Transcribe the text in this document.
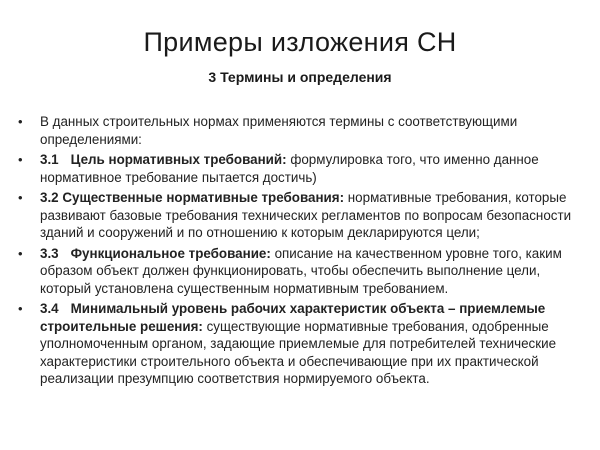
Примеры изложения СН
3 Термины и определения
• В данных строительных нормах применяются термины с соответствующими определениями:
• 3.1 Цель нормативных требований: формулировка того, что именно данное нормативное требование пытается достичь)
• 3.2 Существенные нормативные требования: нормативные требования, которые развивают базовые требования технических регламентов по вопросам безопасности зданий и сооружений и по отношению к которым декларируются цели;
• 3.3 Функциональное требование: описание на качественном уровне того, каким образом объект должен функционировать, чтобы обеспечить выполнение цели, который установлена существенным нормативным требованием.
• 3.4 Минимальный уровень рабочих характеристик объекта – приемлемые строительные решения: существующие нормативные требования, одобренные уполномоченным органом, задающие приемлемые для потребителей технические характеристики строительного объекта и обеспечивающие при их практической реализации презумпцию соответствия нормируемого объекта.
